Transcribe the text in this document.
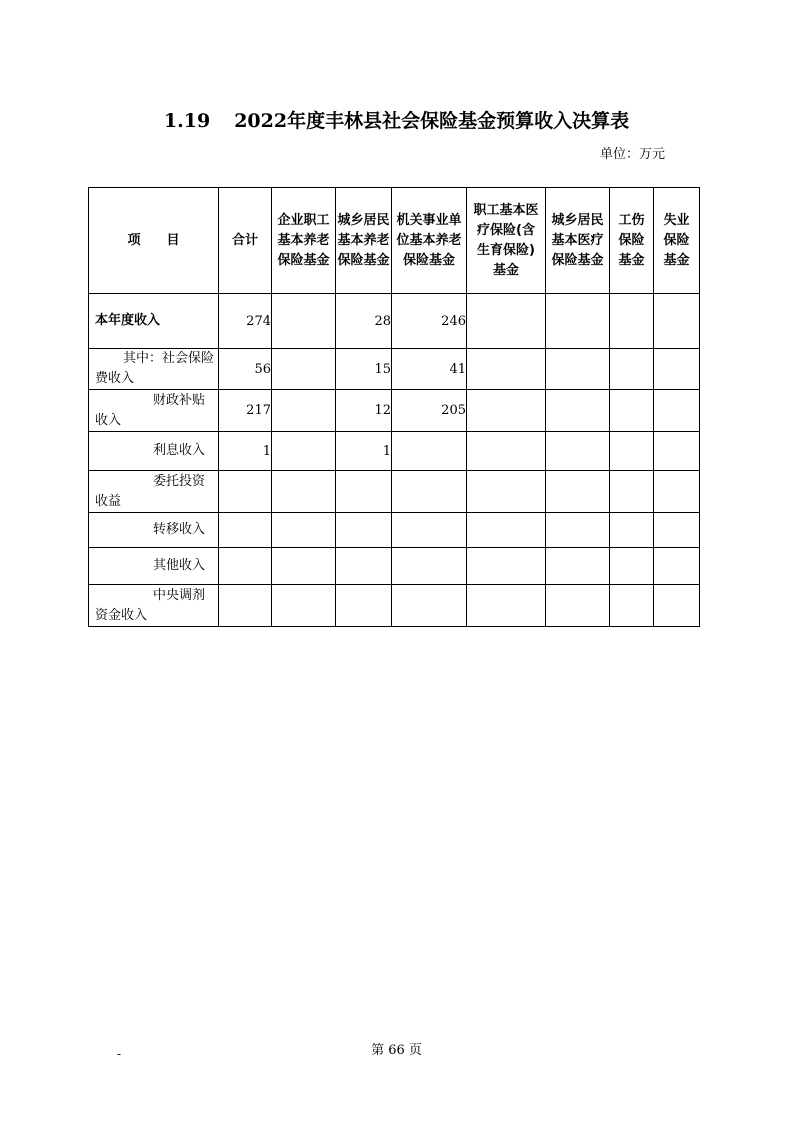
1.19 2022年度丰林县社会保险基金预算收入决算表
单位：万元
项　　目	合计	企业职工基本养老保险基金	城乡居民基本养老保险基金	机关事业单位基本养老保险基金	职工基本医疗保险(含生育保险)基金	城乡居民基本医疗保险基金	工伤保险基金	失业保险基金

本年度收入	274		28	246				

其中：社会保险费收入	56		15	41				

财政补贴收入	217		12	205				

利息收入	1		1					

委托投资收益								

转移收入								

其他收入								

中央调剂资金收入								

-	第 66 页
